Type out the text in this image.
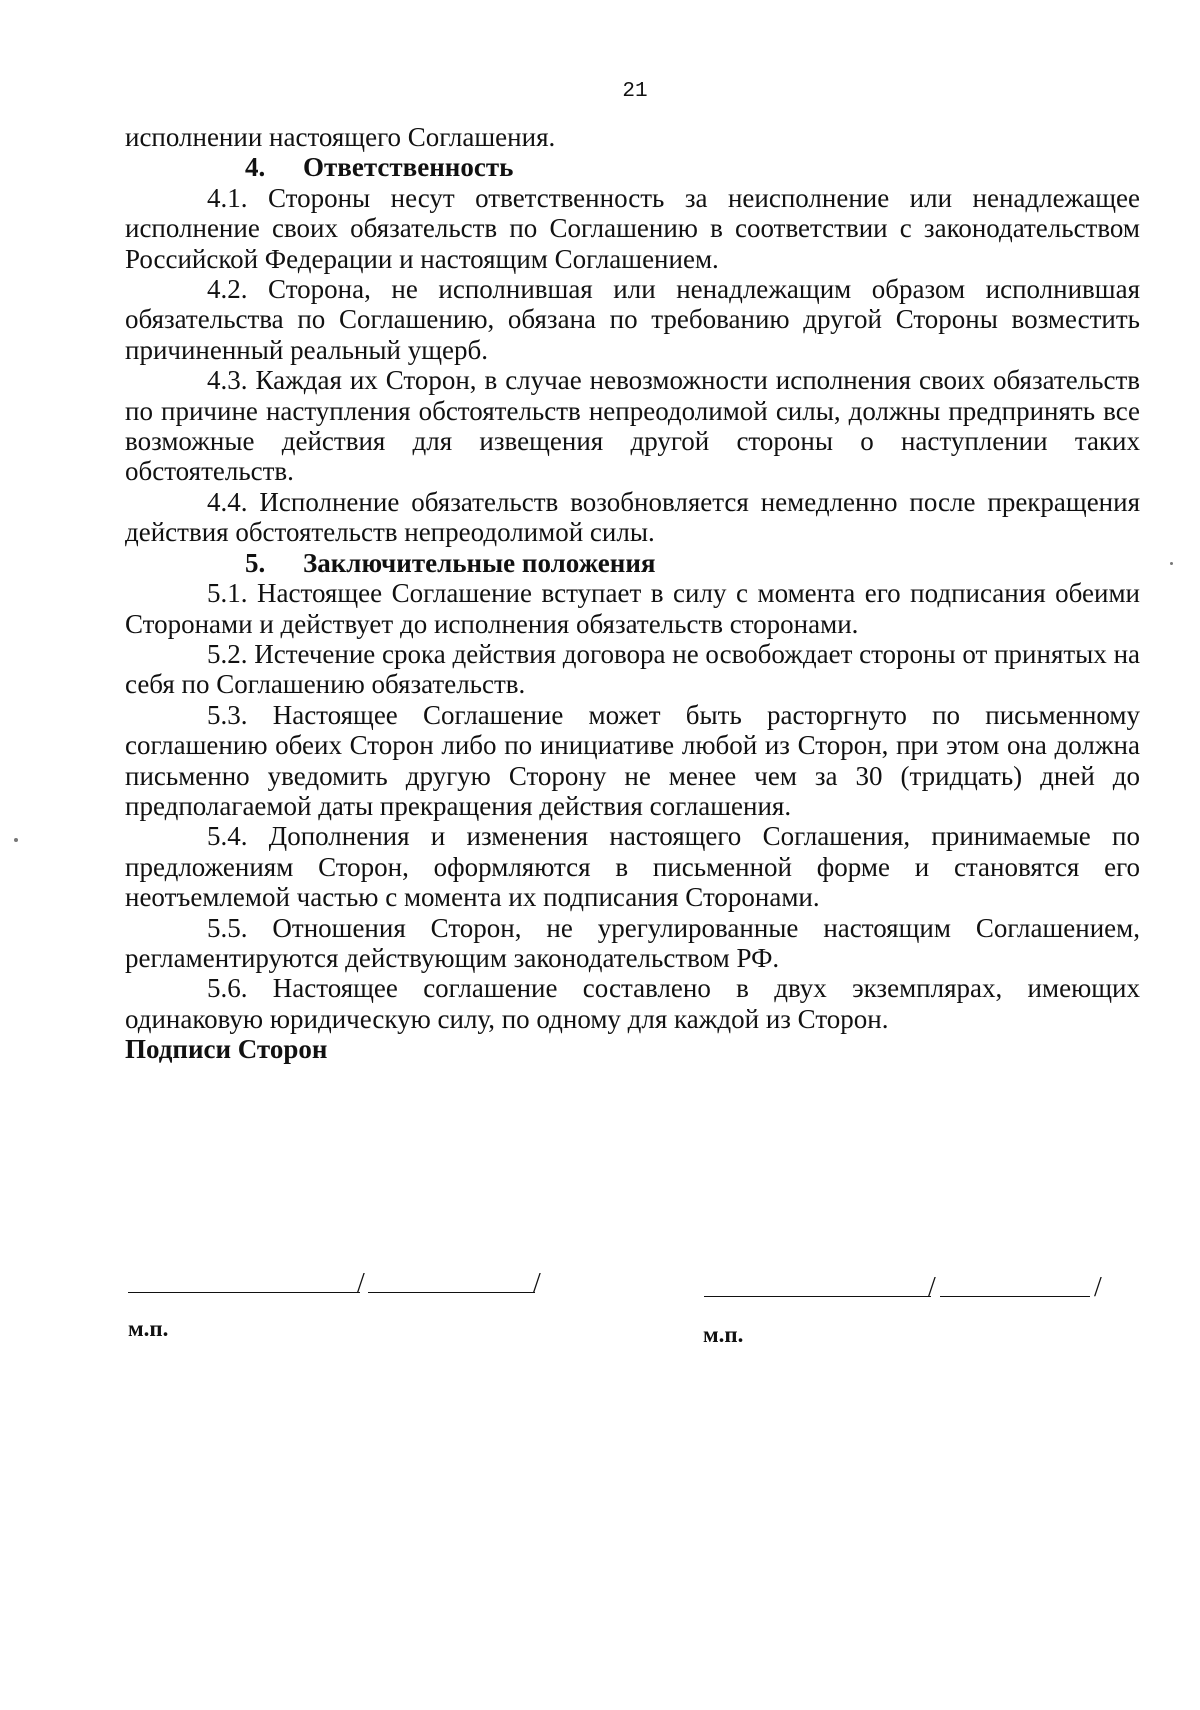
21

исполнении настоящего Соглашения.

4. Ответственность

4.1. Стороны несут ответственность за неисполнение или ненадлежащее исполнение своих обязательств по Соглашению в соответствии с законодательством Российской Федерации и настоящим Соглашением.

4.2. Сторона, не исполнившая или ненадлежащим образом исполнившая обязательства по Соглашению, обязана по требованию другой Стороны возместить причиненный реальный ущерб.

4.3. Каждая их Сторон, в случае невозможности исполнения своих обязательств по причине наступления обстоятельств непреодолимой силы, должны предпринять все возможные действия для извещения другой стороны о наступлении таких обстоятельств.

4.4. Исполнение обязательств возобновляется немедленно после прекращения действия обстоятельств непреодолимой силы.

5. Заключительные положения

5.1. Настоящее Соглашение вступает в силу с момента его подписания обеими Сторонами и действует до исполнения обязательств сторонами.

5.2. Истечение срока действия договора не освобождает стороны от принятых на себя по Соглашению обязательств.

5.3. Настоящее Соглашение может быть расторгнуто по письменному соглашению обеих Сторон либо по инициативе любой из Сторон, при этом она должна письменно уведомить другую Сторону не менее чем за 30 (тридцать) дней до предполагаемой даты прекращения действия соглашения.

5.4. Дополнения и изменения настоящего Соглашения, принимаемые по предложениям Сторон, оформляются в письменной форме и становятся его неотъемлемой частью с момента их подписания Сторонами.

5.5. Отношения Сторон, не урегулированные настоящим Соглашением, регламентируются действующим законодательством РФ.

5.6. Настоящее соглашение составлено в двух экземплярах, имеющих одинаковую юридическую силу, по одному для каждой из Сторон.

Подписи Сторон

/	/
м.п.
/	/
м.п.
